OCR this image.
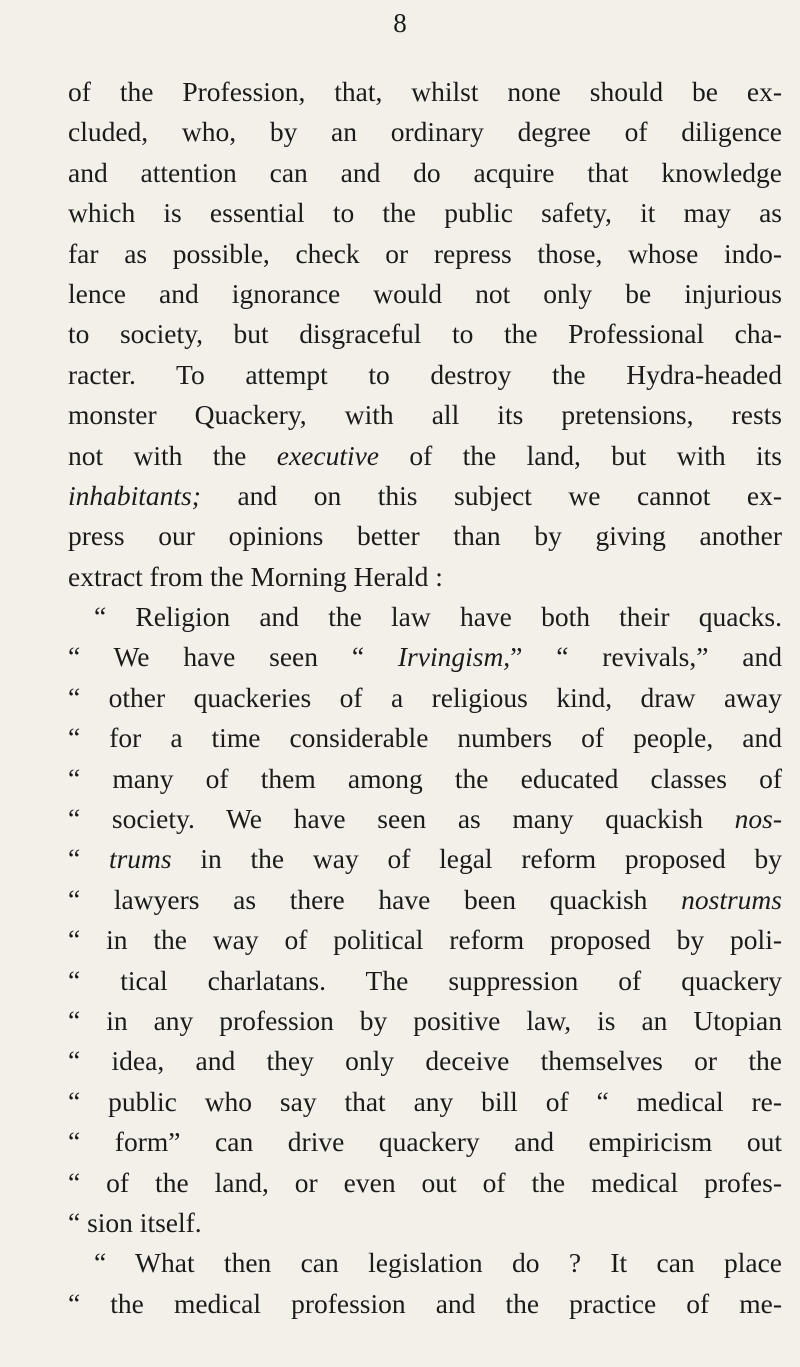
8
of the Profession, that, whilst none should be ex-
cluded, who, by an ordinary degree of diligence
and attention can and do acquire that knowledge
which is essential to the public safety, it may as
far as possible, check or repress those, whose indo-
lence and ignorance would not only be injurious
to society, but disgraceful to the Professional cha-
racter. To attempt to destroy the Hydra-headed
monster Quackery, with all its pretensions, rests
not with the executive of the land, but with its
inhabitants; and on this subject we cannot ex-
press our opinions better than by giving another
extract from the Morning Herald :
“ Religion and the law have both their quacks.
“ We have seen “ Irvingism,” “ revivals,” and
“ other quackeries of a religious kind, draw away
“ for a time considerable numbers of people, and
“ many of them among the educated classes of
“ society. We have seen as many quackish nos-
“ trums in the way of legal reform proposed by
“ lawyers as there have been quackish nostrums
“ in the way of political reform proposed by poli-
“ tical charlatans. The suppression of quackery
“ in any profession by positive law, is an Utopian
“ idea, and they only deceive themselves or the
“ public who say that any bill of “ medical re-
“ form” can drive quackery and empiricism out
“ of the land, or even out of the medical profes-
“ sion itself.
“ What then can legislation do ? It can place
“ the medical profession and the practice of me-
